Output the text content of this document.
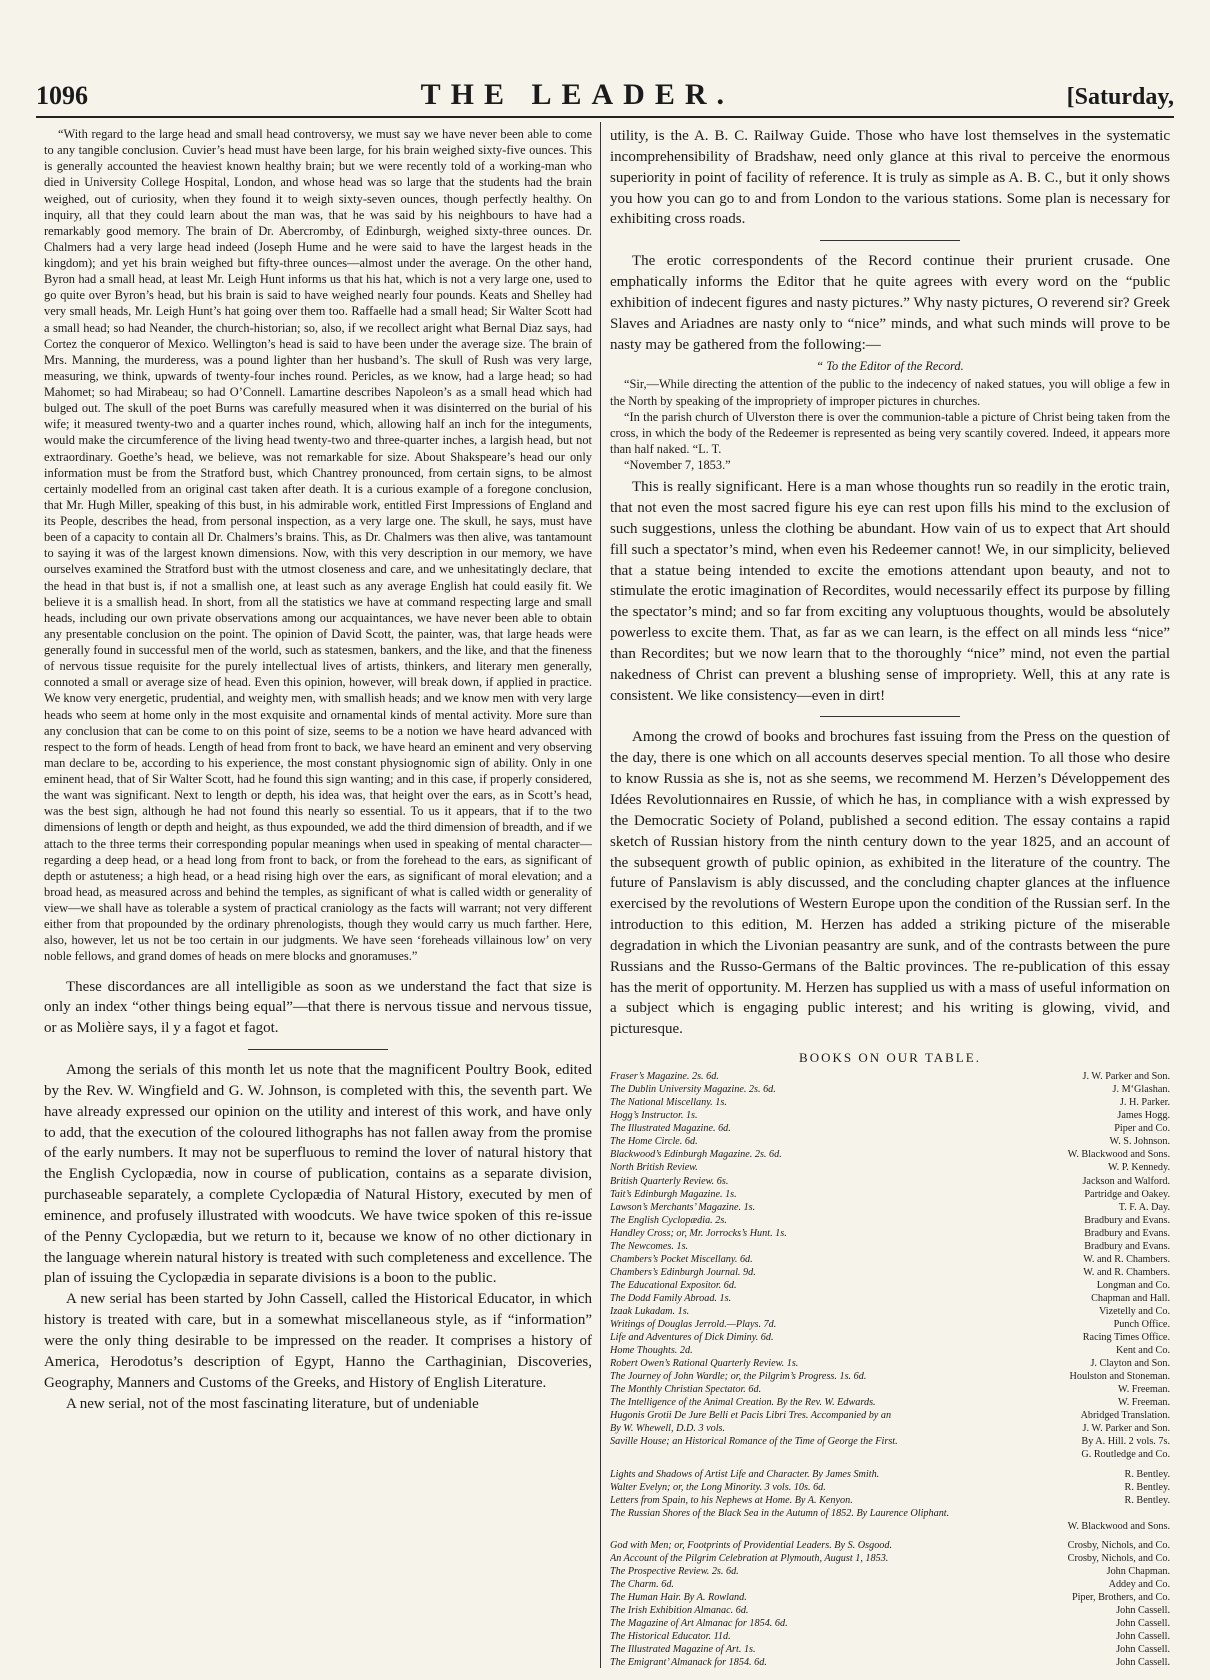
1096	THE LEADER.	[Saturday,

“With regard to the large head and small head controversy, we must say we have never been able to come to any tangible conclusion. Cuvier’s head must have been large, for his brain weighed sixty-five ounces. This is generally accounted the heaviest known healthy brain; but we were recently told of a working-man who died in University College Hospital, London, and whose head was so large that the students had the brain weighed, out of curiosity, when they found it to weigh sixty-seven ounces, though perfectly healthy. On inquiry, all that they could learn about the man was, that he was said by his neighbours to have had a remarkably good memory. The brain of Dr. Abercromby, of Edinburgh, weighed sixty-three ounces. Dr. Chalmers had a very large head indeed (Joseph Hume and he were said to have the largest heads in the kingdom); and yet his brain weighed but fifty-three ounces—almost under the average. On the other hand, Byron had a small head, at least Mr. Leigh Hunt informs us that his hat, which is not a very large one, used to go quite over Byron’s head, but his brain is said to have weighed nearly four pounds. Keats and Shelley had very small heads, Mr. Leigh Hunt’s hat going over them too. Raffaelle had a small head; Sir Walter Scott had a small head; so had Neander, the church-historian; so, also, if we recollect aright what Bernal Diaz says, had Cortez the conqueror of Mexico. Wellington’s head is said to have been under the average size. The brain of Mrs. Manning, the murderess, was a pound lighter than her husband’s. The skull of Rush was very large, measuring, we think, upwards of twenty-four inches round. Pericles, as we know, had a large head; so had Mahomet; so had Mirabeau; so had O’Connell. Lamartine describes Napoleon’s as a small head which had bulged out. The skull of the poet Burns was carefully measured when it was disinterred on the burial of his wife; it measured twenty-two and a quarter inches round, which, allowing half an inch for the integuments, would make the circumference of the living head twenty-two and three-quarter inches, a largish head, but not extraordinary. Goethe’s head, we believe, was not remarkable for size. About Shakspeare’s head our only information must be from the Stratford bust, which Chantrey pronounced, from certain signs, to be almost certainly modelled from an original cast taken after death. It is a curious example of a foregone conclusion, that Mr. Hugh Miller, speaking of this bust, in his admirable work, entitled First Impressions of England and its People, describes the head, from personal inspection, as a very large one. The skull, he says, must have been of a capacity to contain all Dr. Chalmers’s brains. This, as Dr. Chalmers was then alive, was tantamount to saying it was of the largest known dimensions. Now, with this very description in our memory, we have ourselves examined the Stratford bust with the utmost closeness and care, and we unhesitatingly declare, that the head in that bust is, if not a smallish one, at least such as any average English hat could easily fit. We believe it is a smallish head. In short, from all the statistics we have at command respecting large and small heads, including our own private observations among our acquaintances, we have never been able to obtain any presentable conclusion on the point. The opinion of David Scott, the painter, was, that large heads were generally found in successful men of the world, such as statesmen, bankers, and the like, and that the fineness of nervous tissue requisite for the purely intellectual lives of artists, thinkers, and literary men generally, connoted a small or average size of head. Even this opinion, however, will break down, if applied in practice. We know very energetic, prudential, and weighty men, with smallish heads; and we know men with very large heads who seem at home only in the most exquisite and ornamental kinds of mental activity. More sure than any conclusion that can be come to on this point of size, seems to be a notion we have heard advanced with respect to the form of heads. Length of head from front to back, we have heard an eminent and very observing man declare to be, according to his experience, the most constant physiognomic sign of ability. Only in one eminent head, that of Sir Walter Scott, had he found this sign wanting; and in this case, if properly considered, the want was significant. Next to length or depth, his idea was, that height over the ears, as in Scott’s head, was the best sign, although he had not found this nearly so essential. To us it appears, that if to the two dimensions of length or depth and height, as thus expounded, we add the third dimension of breadth, and if we attach to the three terms their corresponding popular meanings when used in speaking of mental character—regarding a deep head, or a head long from front to back, or from the forehead to the ears, as significant of depth or astuteness; a high head, or a head rising high over the ears, as significant of moral elevation; and a broad head, as measured across and behind the temples, as significant of what is called width or generality of view—we shall have as tolerable a system of practical craniology as the facts will warrant; not very different either from that propounded by the ordinary phrenologists, though they would carry us much farther. Here, also, however, let us not be too certain in our judgments. We have seen ‘foreheads villainous low’ on very noble fellows, and grand domes of heads on mere blocks and gnoramuses.”

These discordances are all intelligible as soon as we understand the fact that size is only an index “other things being equal”—that there is nervous tissue and nervous tissue, or as Molière says, il y a fagot et fagot.

Among the serials of this month let us note that the magnificent Poultry Book, edited by the Rev. W. Wingfield and G. W. Johnson, is completed with this, the seventh part. We have already expressed our opinion on the utility and interest of this work, and have only to add, that the execution of the coloured lithographs has not fallen away from the promise of the early numbers. It may not be superfluous to remind the lover of natural history that the English Cyclopædia, now in course of publication, contains as a separate division, purchaseable separately, a complete Cyclopædia of Natural History, executed by men of eminence, and profusely illustrated with woodcuts. We have twice spoken of this re-issue of the Penny Cyclopædia, but we return to it, because we know of no other dictionary in the language wherein natural history is treated with such completeness and excellence. The plan of issuing the Cyclopædia in separate divisions is a boon to the public.

A new serial has been started by John Cassell, called the Historical Educator, in which history is treated with care, but in a somewhat miscellaneous style, as if “information” were the only thing desirable to be impressed on the reader. It comprises a history of America, Herodotus’s description of Egypt, Hanno the Carthaginian, Discoveries, Geography, Manners and Customs of the Greeks, and History of English Literature.

A new serial, not of the most fascinating literature, but of undeniable

utility, is the A. B. C. Railway Guide. Those who have lost themselves in the systematic incomprehensibility of Bradshaw, need only glance at this rival to perceive the enormous superiority in point of facility of reference. It is truly as simple as A. B. C., but it only shows you how you can go to and from London to the various stations. Some plan is necessary for exhibiting cross roads.

The erotic correspondents of the Record continue their prurient crusade. One emphatically informs the Editor that he quite agrees with every word on the “public exhibition of indecent figures and nasty pictures.” Why nasty pictures, O reverend sir? Greek Slaves and Ariadnes are nasty only to “nice” minds, and what such minds will prove to be nasty may be gathered from the following:—

“ To the Editor of the Record.

“Sir,—While directing the attention of the public to the indecency of naked statues, you will oblige a few in the North by speaking of the impropriety of improper pictures in churches.

“In the parish church of Ulverston there is over the communion-table a picture of Christ being taken from the cross, in which the body of the Redeemer is represented as being very scantily covered. Indeed, it appears more than half naked. “L. T.

“November 7, 1853.”

This is really significant. Here is a man whose thoughts run so readily in the erotic train, that not even the most sacred figure his eye can rest upon fills his mind to the exclusion of such suggestions, unless the clothing be abundant. How vain of us to expect that Art should fill such a spectator’s mind, when even his Redeemer cannot! We, in our simplicity, believed that a statue being intended to excite the emotions attendant upon beauty, and not to stimulate the erotic imagination of Recordites, would necessarily effect its purpose by filling the spectator’s mind; and so far from exciting any voluptuous thoughts, would be absolutely powerless to excite them. That, as far as we can learn, is the effect on all minds less “nice” than Recordites; but we now learn that to the thoroughly “nice” mind, not even the partial nakedness of Christ can prevent a blushing sense of impropriety. Well, this at any rate is consistent. We like consistency—even in dirt!

Among the crowd of books and brochures fast issuing from the Press on the question of the day, there is one which on all accounts deserves special mention. To all those who desire to know Russia as she is, not as she seems, we recommend M. Herzen’s Développement des Idées Revolutionnaires en Russie, of which he has, in compliance with a wish expressed by the Democratic Society of Poland, published a second edition. The essay contains a rapid sketch of Russian history from the ninth century down to the year 1825, and an account of the subsequent growth of public opinion, as exhibited in the literature of the country. The future of Panslavism is ably discussed, and the concluding chapter glances at the influence exercised by the revolutions of Western Europe upon the condition of the Russian serf. In the introduction to this edition, M. Herzen has added a striking picture of the miserable degradation in which the Livonian peasantry are sunk, and of the contrasts between the pure Russians and the Russo-Germans of the Baltic provinces. The re-publication of this essay has the merit of opportunity. M. Herzen has supplied us with a mass of useful information on a subject which is engaging public interest; and his writing is glowing, vivid, and picturesque.

BOOKS ON OUR TABLE.
Fraser’s Magazine. 2s. 6d.	J. W. Parker and Son.
The Dublin University Magazine. 2s. 6d.	J. M‘Glashan.
The National Miscellany. 1s.	J. H. Parker.
Hogg’s Instructor. 1s.	James Hogg.
The Illustrated Magazine. 6d.	Piper and Co.
The Home Circle. 6d.	W. S. Johnson.
Blackwood’s Edinburgh Magazine. 2s. 6d.	W. Blackwood and Sons.
North British Review.	W. P. Kennedy.
British Quarterly Review. 6s.	Jackson and Walford.
Tait’s Edinburgh Magazine. 1s.	Partridge and Oakey.
Lawson’s Merchants’ Magazine. 1s.	T. F. A. Day.
The English Cyclopædia. 2s.	Bradbury and Evans.
Handley Cross; or, Mr. Jorrocks’s Hunt. 1s.	Bradbury and Evans.
The Newcomes. 1s.	Bradbury and Evans.
Chambers’s Pocket Miscellany. 6d.	W. and R. Chambers.
Chambers’s Edinburgh Journal. 9d.	W. and R. Chambers.
The Educational Expositor. 6d.	Longman and Co.
The Dodd Family Abroad. 1s.	Chapman and Hall.
Izaak Lukadam. 1s.	Vizetelly and Co.
Writings of Douglas Jerrold.—Plays. 7d.	Punch Office.
Life and Adventures of Dick Diminy. 6d.	Racing Times Office.
Home Thoughts. 2d.	Kent and Co.
Robert Owen’s Rational Quarterly Review. 1s.	J. Clayton and Son.
The Journey of John Wardle; or, the Pilgrim’s Progress. 1s. 6d.	Houlston and Stoneman.
The Monthly Christian Spectator. 6d.	W. Freeman.
The Intelligence of the Animal Creation. By the Rev. W. Edwards.	W. Freeman.
Hugonis Grotii De Jure Belli et Pacis Libri Tres. Accompanied by an	Abridged Translation.
By W. Whewell, D.D. 3 vols.	J. W. Parker and Son.
Saville House; an Historical Romance of the Time of George the First.	By A. Hill. 2 vols. 7s.
G. Routledge and Co.
Lights and Shadows of Artist Life and Character. By James Smith.	R. Bentley.
Walter Evelyn; or, the Long Minority. 3 vols. 10s. 6d.	R. Bentley.
Letters from Spain, to his Nephews at Home. By A. Kenyon.	R. Bentley.
The Russian Shores of the Black Sea in the Autumn of 1852. By Laurence Oliphant.
W. Blackwood and Sons.
God with Men; or, Footprints of Providential Leaders. By S. Osgood.	Crosby, Nichols, and Co.
An Account of the Pilgrim Celebration at Plymouth, August 1, 1853.	Crosby, Nichols, and Co.
The Prospective Review. 2s. 6d.	John Chapman.
The Charm. 6d.	Addey and Co.
The Human Hair. By A. Rowland.	Piper, Brothers, and Co.
The Irish Exhibition Almanac. 6d.	John Cassell.
The Magazine of Art Almanac for 1854. 6d.	John Cassell.
The Historical Educator. 11d.	John Cassell.
The Illustrated Magazine of Art. 1s.	John Cassell.
The Emigrant’ Almanack for 1854. 6d.	John Cassell.
